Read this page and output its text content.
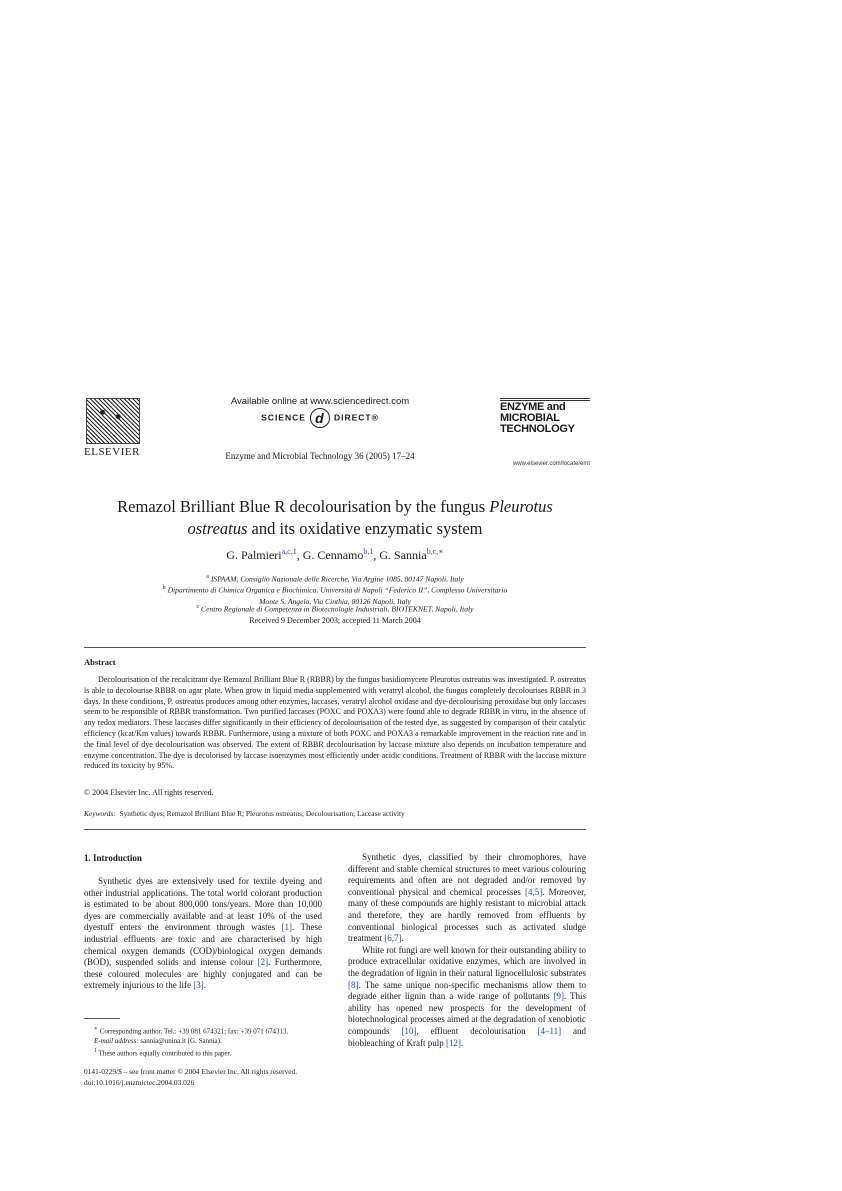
ELSEVIER
Available online at www.sciencedirect.com
SCIENCE d DIRECT®
Enzyme and Microbial Technology 36 (2005) 17–24
ENZYME and
MICROBIAL
TECHNOLOGY
www.elsevier.com/locate/emt
Remazol Brilliant Blue R decolourisation by the fungus Pleurotus
ostreatus and its oxidative enzymatic system
G. Palmieri$^{a,c,1}$, G. Cennamo$^{b,1}$, G. Sannia$^{b,c,∗}$
$^a$ ISPAAM, Consiglio Nazionale delle Ricerche, Via Argine 1085, 80147 Napoli, Italy
$^b$ Dipartimento di Chimica Organica e Biochimica, Università di Napoli “Federico II”, Complesso Universitario
Monte S. Angelo, Via Cinthia, 80126 Napoli, Italy
$^c$ Centro Regionale di Competenza in Biotecnologie Industriali, BIOTEKNET, Napoli, Italy
Received 9 December 2003; accepted 11 March 2004
Abstract
Decolourisation of the recalcitrant dye Remazol Brilliant Blue R (RBBR) by the fungus basidiomycete Pleurotus ostreatus was investigated. P. ostreatus is able to decolourise RBBR on agar plate. When grow in liquid media supplemented with veratryl alcohol, the fungus completely decolourises RBBR in 3 days. In these conditions, P. ostreatus produces among other enzymes, laccases, veratryl alcohol oxidase and dye-decolourising peroxidase but only laccases seem to be responsible of RBBR transformation. Two purified laccases (POXC and POXA3) were found able to degrade RBBR in vitro, in the absence of any redox mediators. These laccases differ significantly in their efficiency of decolourisation of the tested dye, as suggested by comparison of their catalytic efficiency (kcat/Km values) towards RBBR. Furthermore, using a mixture of both POXC and POXA3 a remarkable improvement in the reaction rate and in the final level of dye decolourisation was observed. The extent of RBBR decolourisation by laccase mixture also depends on incubation temperature and enzyme concentration. The dye is decolorised by laccase isoenzymes most efficiently under acidic conditions. Treatment of RBBR with the laccase mixture reduced its toxicity by 95%.
© 2004 Elsevier Inc. All rights reserved.
Keywords: Synthetic dyes; Remazol Brilliant Blue R; Pleurotus ostreatus; Decolourisation; Laccase activity
1. Introduction

Synthetic dyes are extensively used for textile dyeing and other industrial applications. The total world colorant production is estimated to be about 800,000 tons/years. More than 10,000 dyes are commercially available and at least 10% of the used dyestuff enters the environment through wastes [1]. These industrial effluents are toxic and are characterised by high chemical oxygen demands (COD)/biological oxygen demands (BOD), suspended solids and intense colour [2]. Furthermore, these coloured molecules are highly conjugated and can be extremely injurious to the life [3].

Synthetic dyes, classified by their chromophores, have different and stable chemical structures to meet various colouring requirements and often are not degraded and/or removed by conventional physical and chemical processes [4,5]. Moreover, many of these compounds are highly resistant to microbial attack and therefore, they are hardly removed from effluents by conventional biological processes such as activated sludge treatment [6,7].

White rot fungi are well known for their outstanding ability to produce extracellular oxidative enzymes, which are involved in the degradation of lignin in their natural lignocellulosic substrates [8]. The same unique non-specific mechanisms allow them to degrade either lignin than a wide range of pollutants [9]. This ability has opened new prospects for the development of biotechnological processes aimed at the degradation of xenobiotic compounds [10], effluent decolourisation [4–11] and biobleaching of Kraft pulp [12].

∗ Corresponding author. Tel.: +39 081 674321; fax: +39 071 674313.
E-mail address: sannia@unina.it (G. Sannia).
$^1$ These authors equally contributed to this paper.
0141-0229/$ – see front matter © 2004 Elsevier Inc. All rights reserved.
doi:10.1016/j.enzmictec.2004.03.026
